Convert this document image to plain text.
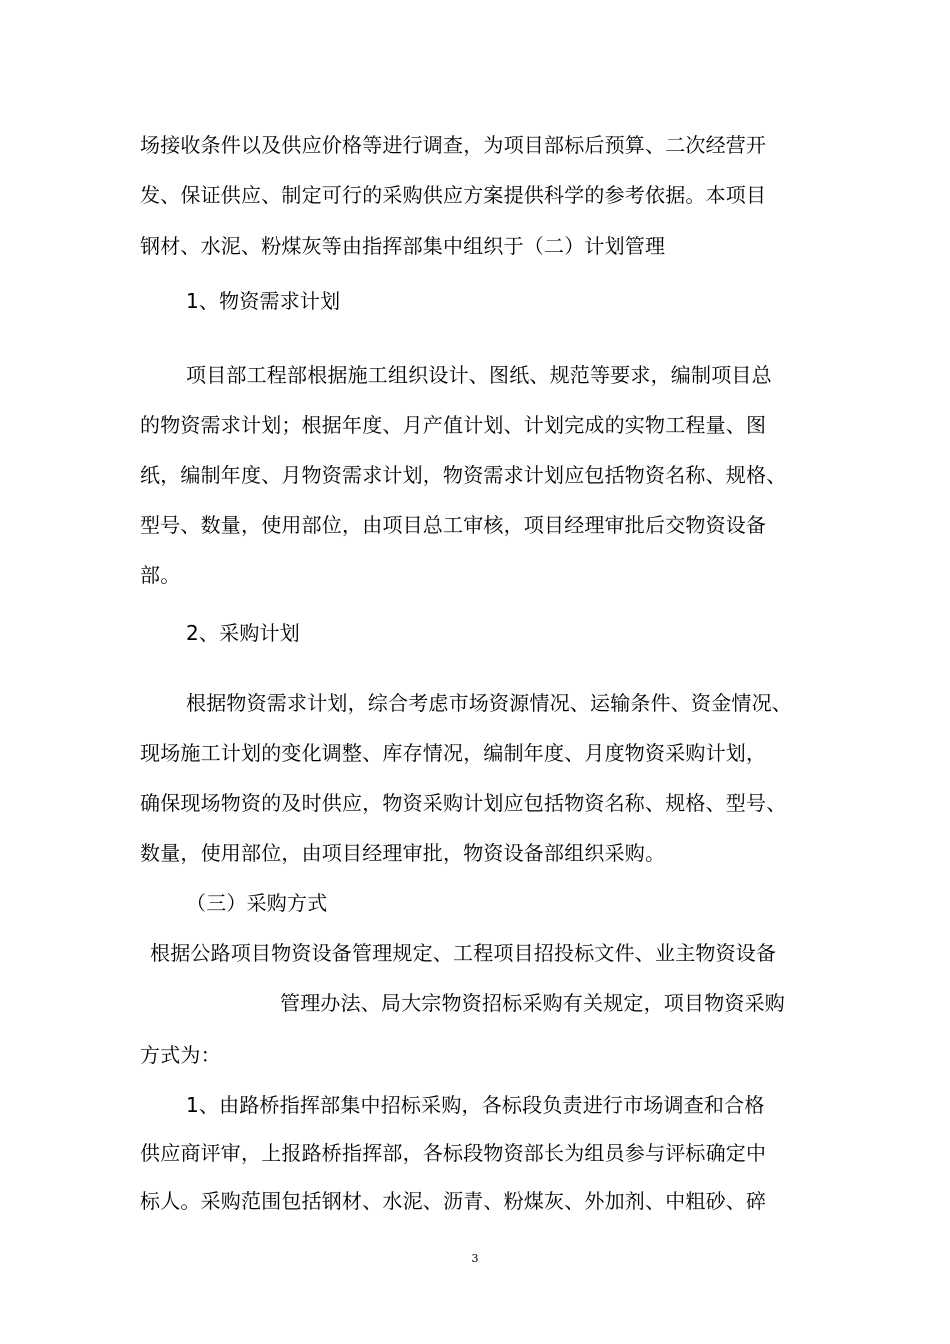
场接收条件以及供应价格等进行调查，为项目部标后预算、二次经营开
发、保证供应、制定可行的采购供应方案提供科学的参考依据。本项目
钢材、水泥、粉煤灰等由指挥部集中组织于（二）计划管理
1、物资需求计划
项目部工程部根据施工组织设计、图纸、规范等要求，编制项目总
的物资需求计划；根据年度、月产值计划、计划完成的实物工程量、图
纸，编制年度、月物资需求计划，物资需求计划应包括物资名称、规格、
型号、数量，使用部位，由项目总工审核，项目经理审批后交物资设备
部。
2、采购计划
根据物资需求计划，综合考虑市场资源情况、运输条件、资金情况、
现场施工计划的变化调整、库存情况，编制年度、月度物资采购计划，
确保现场物资的及时供应，物资采购计划应包括物资名称、规格、型号、
数量，使用部位，由项目经理审批，物资设备部组织采购。
（三）采购方式
根据公路项目物资设备管理规定、工程项目招投标文件、业主物资设备
管理办法、局大宗物资招标采购有关规定，项目物资采购
方式为：
1、由路桥指挥部集中招标采购，各标段负责进行市场调查和合格
供应商评审，上报路桥指挥部，各标段物资部长为组员参与评标确定中
标人。采购范围包括钢材、水泥、沥青、粉煤灰、外加剂、中粗砂、碎
3
